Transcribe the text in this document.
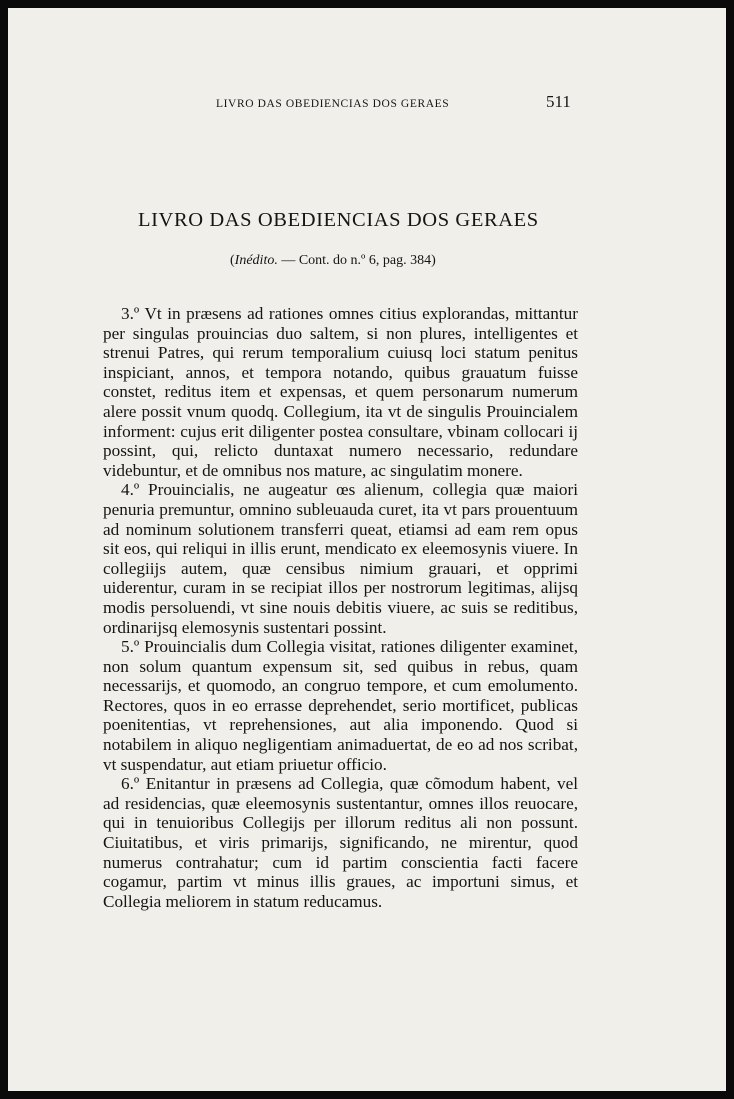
LIVRO DAS OBEDIENCIAS DOS GERAES	511
LIVRO DAS OBEDIENCIAS DOS GERAES
(Inédito. — Cont. do n.º 6, pag. 384)

3.º Vt in præsens ad rationes omnes citius explorandas, mittantur per singulas prouincias duo saltem, si non plures, intelligentes et strenui Patres, qui rerum temporalium cuiusq loci statum penitus inspiciant, annos, et tempora notando, quibus grauatum fuisse constet, reditus item et expensas, et quem personarum numerum alere possit vnum quodq. Collegium, ita vt de singulis Prouincialem informent: cujus erit diligenter postea consultare, vbinam collocari ij possint, qui, relicto duntaxat numero necessario, redundare videbuntur, et de omnibus nos mature, ac singulatim monere.

4.º Prouincialis, ne augeatur œs alienum, collegia quæ maiori penuria premuntur, omnino subleuauda curet, ita vt pars prouentuum ad nominum solutionem transferri queat, etiamsi ad eam rem opus sit eos, qui reliqui in illis erunt, mendicato ex eleemosynis viuere. In collegiijs autem, quæ censibus nimium grauari, et opprimi uiderentur, curam in se recipiat illos per nostrorum legitimas, alijsq modis persoluendi, vt sine nouis debitis viuere, ac suis se reditibus, ordinarijsq elemosynis sustentari possint.

5.º Prouincialis dum Collegia visitat, rationes diligenter examinet, non solum quantum expensum sit, sed quibus in rebus, quam necessarijs, et quomodo, an congruo tempore, et cum emolumento. Rectores, quos in eo errasse deprehendet, serio mortificet, publicas poenitentias, vt reprehensiones, aut alia imponendo. Quod si notabilem in aliquo negligentiam animaduertat, de eo ad nos scribat, vt suspendatur, aut etiam priuetur officio.

6.º Enitantur in præsens ad Collegia, quæ cõmodum habent, vel ad residencias, quæ eleemosynis sustentantur, omnes illos reuocare, qui in tenuioribus Collegijs per illorum reditus ali non possunt. Ciuitatibus, et viris primarijs, significando, ne mirentur, quod numerus contrahatur; cum id partim conscientia facti facere cogamur, partim vt minus illis graues, ac importuni simus, et Collegia meliorem in statum reducamus.
